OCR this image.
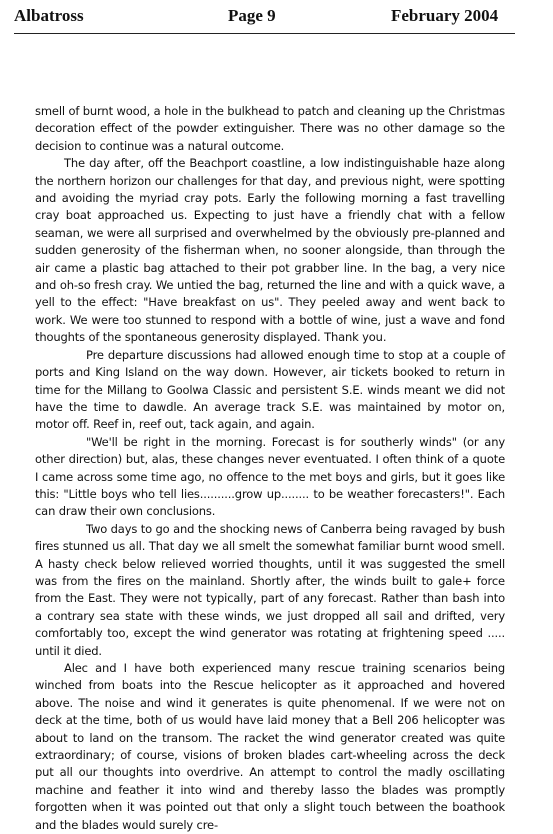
Albatross	Page 9	February 2004

smell of burnt wood, a hole in the bulkhead to patch and cleaning up the Christmas decoration effect of the powder extinguisher. There was no other damage so the decision to continue was a natural outcome.

The day after, off the Beachport coastline, a low indistinguishable haze along the northern horizon our challenges for that day, and previous night, were spotting and avoiding the myriad cray pots. Early the following morning a fast travelling cray boat approached us. Expecting to just have a friendly chat with a fellow seaman, we were all surprised and overwhelmed by the obviously pre-planned and sudden generosity of the fisherman when, no sooner alongside, than through the air came a plastic bag attached to their pot grabber line. In the bag, a very nice and oh-so fresh cray. We untied the bag, returned the line and with a quick wave, a yell to the effect: "Have breakfast on us". They peeled away and went back to work. We were too stunned to respond with a bottle of wine, just a wave and fond thoughts of the spontaneous generosity displayed. Thank you.

Pre departure discussions had allowed enough time to stop at a couple of ports and King Island on the way down. However, air tickets booked to return in time for the Millang to Goolwa Classic and persistent S.E. winds meant we did not have the time to dawdle. An average track S.E. was maintained by motor on, motor off. Reef in, reef out, tack again, and again.

"We'll be right in the morning. Forecast is for southerly winds" (or any other direction) but, alas, these changes never eventuated. I often think of a quote I came across some time ago, no offence to the met boys and girls, but it goes like this: "Little boys who tell lies..........grow up........ to be weather forecasters!". Each can draw their own conclusions.

Two days to go and the shocking news of Canberra being ravaged by bush fires stunned us all. That day we all smelt the somewhat familiar burnt wood smell. A hasty check below relieved worried thoughts, until it was suggested the smell was from the fires on the mainland. Shortly after, the winds built to gale+ force from the East. They were not typically, part of any forecast. Rather than bash into a contrary sea state with these winds, we just dropped all sail and drifted, very comfortably too, except the wind generator was rotating at frightening speed ..... until it died.

Alec and I have both experienced many rescue training scenarios being winched from boats into the Rescue helicopter as it approached and hovered above. The noise and wind it generates is quite phenomenal. If we were not on deck at the time, both of us would have laid money that a Bell 206 helicopter was about to land on the transom. The racket the wind generator created was quite extraordinary; of course, visions of broken blades cart-wheeling across the deck put all our thoughts into overdrive. An attempt to control the madly oscillating machine and feather it into wind and thereby lasso the blades was promptly forgotten when it was pointed out that only a slight touch between the boathook and the blades would surely cre-
